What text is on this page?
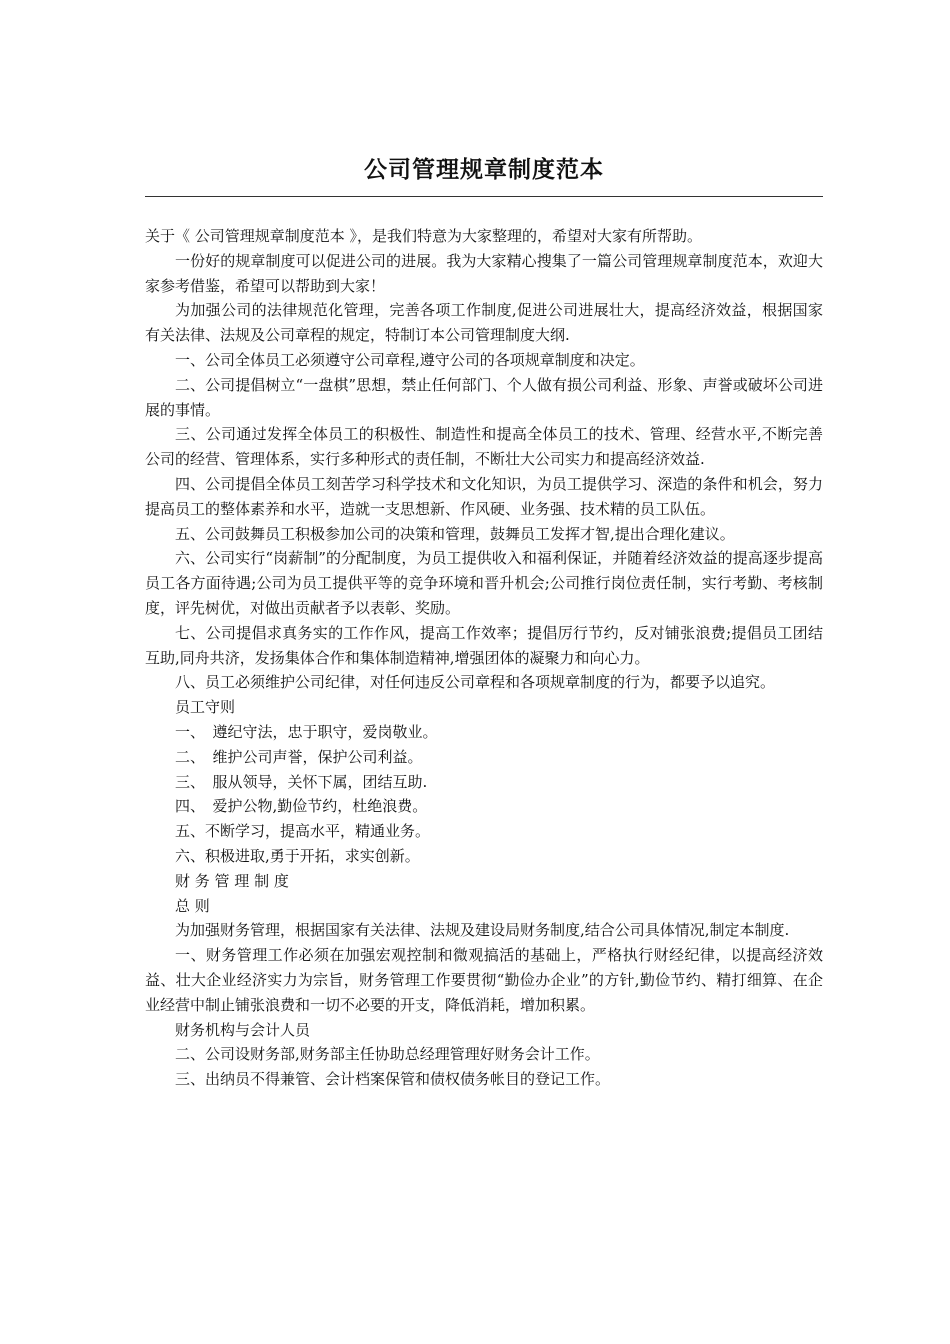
公司管理规章制度范本

关于《 公司管理规章制度范本 》，是我们特意为大家整理的，希望对大家有所帮助。

一份好的规章制度可以促进公司的进展。我为大家精心搜集了一篇公司管理规章制度范本，欢迎大家参考借鉴，希望可以帮助到大家！

为加强公司的法律规范化管理，完善各项工作制度,促进公司进展壮大，提高经济效益，根据国家有关法律、法规及公司章程的规定，特制订本公司管理制度大纲.

一、公司全体员工必须遵守公司章程,遵守公司的各项规章制度和决定。

二、公司提倡树立“一盘棋”思想，禁止任何部门、个人做有损公司利益、形象、声誉或破坏公司进展的事情。

三、公司通过发挥全体员工的积极性、制造性和提高全体员工的技术、管理、经营水平,不断完善公司的经营、管理体系，实行多种形式的责任制，不断壮大公司实力和提高经济效益.

四、公司提倡全体员工刻苦学习科学技术和文化知识，为员工提供学习、深造的条件和机会，努力提高员工的整体素养和水平，造就一支思想新、作风硬、业务强、技术精的员工队伍。

五、公司鼓舞员工积极参加公司的决策和管理，鼓舞员工发挥才智,提出合理化建议。

六、公司实行“岗薪制”的分配制度，为员工提供收入和福利保证，并随着经济效益的提高逐步提高员工各方面待遇;公司为员工提供平等的竞争环境和晋升机会;公司推行岗位责任制，实行考勤、考核制度，评先树优，对做出贡献者予以表彰、奖励。

七、公司提倡求真务实的工作作风，提高工作效率；提倡厉行节约，反对铺张浪费;提倡员工团结互助,同舟共济，发扬集体合作和集体制造精神,增强团体的凝聚力和向心力。

八、员工必须维护公司纪律，对任何违反公司章程和各项规章制度的行为，都要予以追究。

员工守则

一、　遵纪守法，忠于职守，爱岗敬业。

二、　维护公司声誉，保护公司利益。

三、　服从领导，关怀下属，团结互助.

四、　爱护公物,勤俭节约，杜绝浪费。

五、不断学习，提高水平，精通业务。

六、积极进取,勇于开拓，求实创新。

财 务 管 理 制 度

总 则

为加强财务管理，根据国家有关法律、法规及建设局财务制度,结合公司具体情况,制定本制度.

一、财务管理工作必须在加强宏观控制和微观搞活的基础上，严格执行财经纪律，以提高经济效益、壮大企业经济实力为宗旨，财务管理工作要贯彻“勤俭办企业”的方针,勤俭节约、精打细算、在企业经营中制止铺张浪费和一切不必要的开支，降低消耗，增加积累。

财务机构与会计人员

二、公司设财务部,财务部主任协助总经理管理好财务会计工作。

三、出纳员不得兼管、会计档案保管和债权债务帐目的登记工作。
